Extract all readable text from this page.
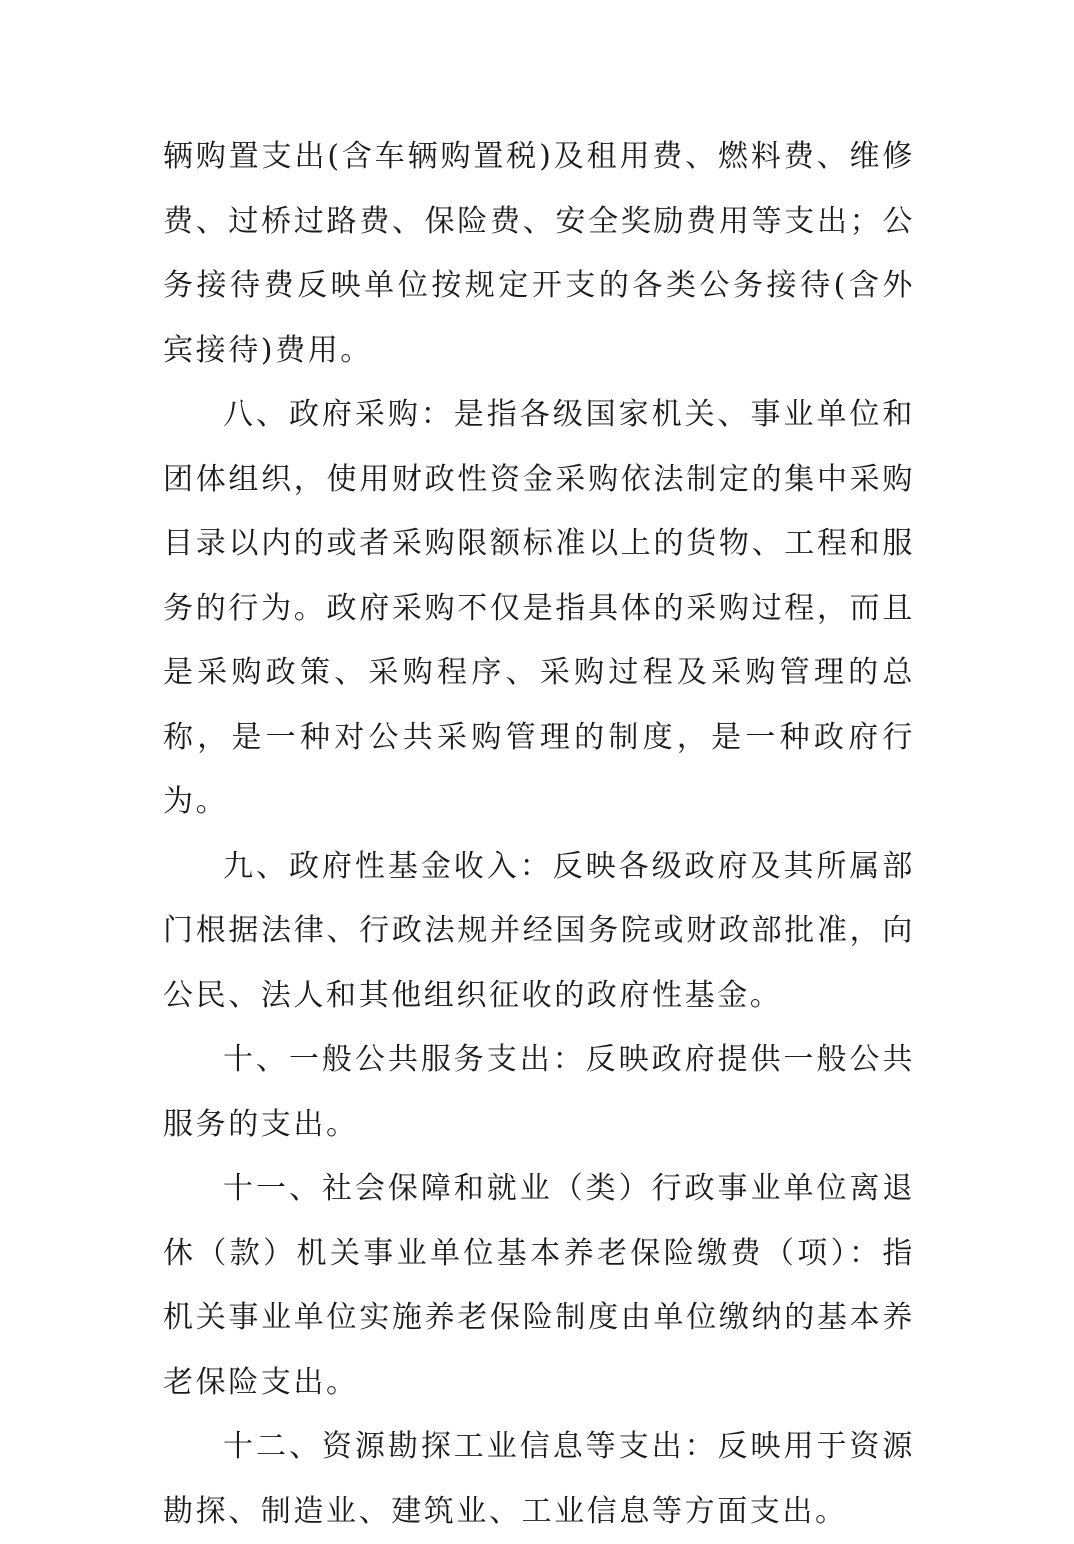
辆购置支出(含车辆购置税)及租用费、燃料费、维修费、过桥过路费、保险费、安全奖励费用等支出；公务接待费反映单位按规定开支的各类公务接待(含外宾接待)费用。

八、政府采购：是指各级国家机关、事业单位和团体组织，使用财政性资金采购依法制定的集中采购目录以内的或者采购限额标准以上的货物、工程和服务的行为。政府采购不仅是指具体的采购过程，而且是采购政策、采购程序、采购过程及采购管理的总称，是一种对公共采购管理的制度，是一种政府行为。

九、政府性基金收入：反映各级政府及其所属部门根据法律、行政法规并经国务院或财政部批准，向公民、法人和其他组织征收的政府性基金。

十、一般公共服务支出：反映政府提供一般公共服务的支出。

十一、社会保障和就业（类）行政事业单位离退休（款）机关事业单位基本养老保险缴费（项）：指机关事业单位实施养老保险制度由单位缴纳的基本养老保险支出。

十二、资源勘探工业信息等支出：反映用于资源勘探、制造业、建筑业、工业信息等方面支出。
